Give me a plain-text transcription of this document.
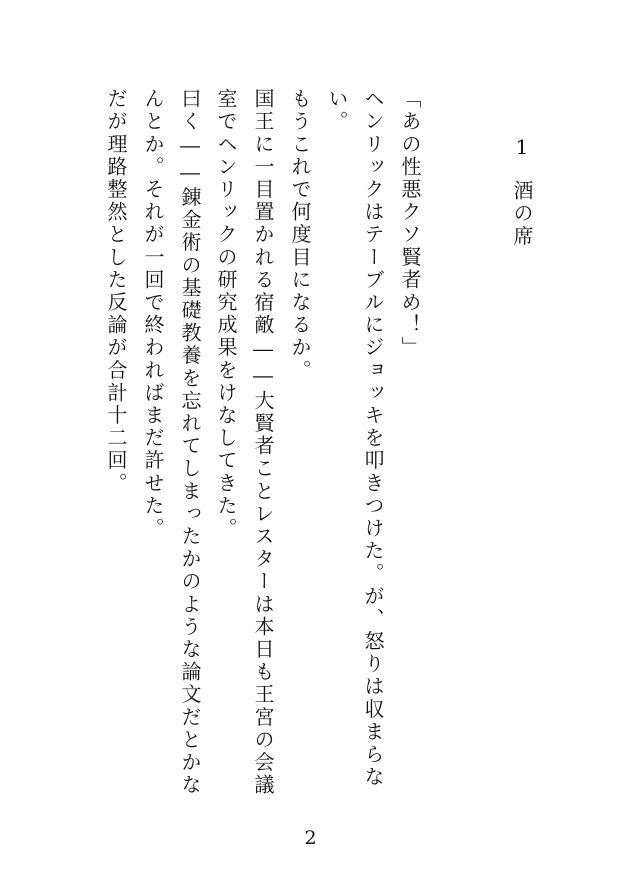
1
酒の席
「あの性悪クソ賢者め！」
ヘンリックはテーブルにジョッキを叩きつけた。が、怒りは収まらな
い。
もうこれで何度目になるか。
国王に一目置かれる宿敵――大賢者ことレスターは本日も王宮の会議
室でヘンリックの研究成果をけなしてきた。
曰く――錬金術の基礎教養を忘れてしまったかのような論文だとかな
んとか。それが一回で終わればまだ許せた。
だが理路整然とした反論が合計十二回。
2
